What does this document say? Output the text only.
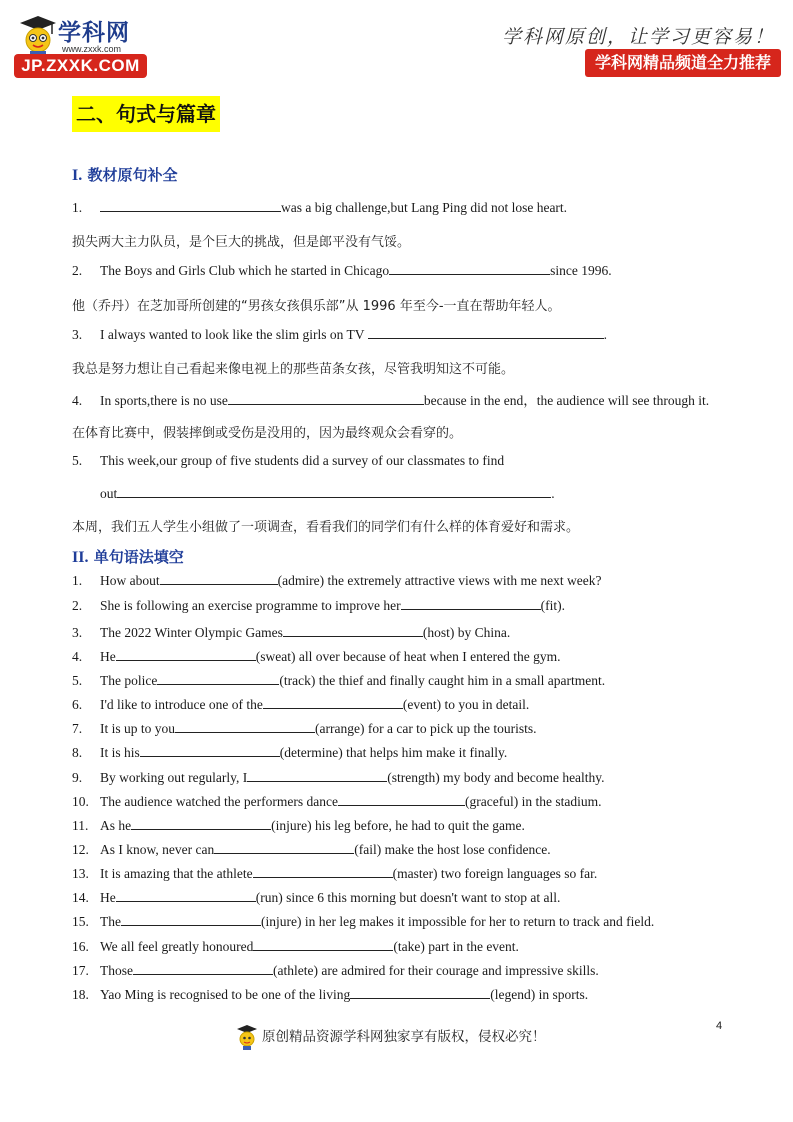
学科网
www.zxxk.com
JP.ZXXK.COM
学科网原创，让学习更容易！
学科网精品频道全力推荐
二、句式与篇章
I. 教材原句补全
1.	was a big challenge,but Lang Ping did not lose heart.
损失两大主力队员，是个巨大的挑战，但是郎平没有气馁。
2. The Boys and Girls Club which he started in Chicago	since 1996.
他（乔丹）在芝加哥所创建的“男孩女孩俱乐部”从 1996 年至今-一直在帮助年轻人。
3. I always wanted to look like the slim girls on TV	.
我总是努力想让自己看起来像电视上的那些苗条女孩，尽管我明知这不可能。
4. In sports,there is no use	because in the end，the audience will see through it.
在体育比赛中，假装摔倒或受伤是没用的，因为最终观众会看穿的。
5. This week,our group of five students did a survey of our classmates to find
out	.
本周，我们五人学生小组做了一项调查，看看我们的同学们有什么样的体育爱好和需求。
II. 单句语法填空
1. How about	(admire) the extremely attractive views with me next week?
2. She is following an exercise programme to improve her	(fit).
3. The 2022 Winter Olympic Games	(host) by China.
4. He	(sweat) all over because of heat when I entered the gym.
5. The police	(track) the thief and finally caught him in a small apartment.
6. I'd like to introduce one of the	(event) to you in detail.
7. It is up to you	(arrange) for a car to pick up the tourists.
8. It is his	(determine) that helps him make it finally.
9. By working out regularly, I	(strength) my body and become healthy.
10. The audience watched the performers dance	(graceful) in the stadium.
11. As he	(injure) his leg before, he had to quit the game.
12. As I know, never can	(fail) make the host lose confidence.
13. It is amazing that the athlete	(master) two foreign languages so far.
14. He	(run) since 6 this morning but doesn't want to stop at all.
15. The	(injure) in her leg makes it impossible for her to return to track and field.
16. We all feel greatly honoured	(take) part in the event.
17. Those	(athlete) are admired for their courage and impressive skills.
18. Yao Ming is recognised to be one of the living	(legend) in sports.
4
原创精品资源学科网独家享有版权，侵权必究！
